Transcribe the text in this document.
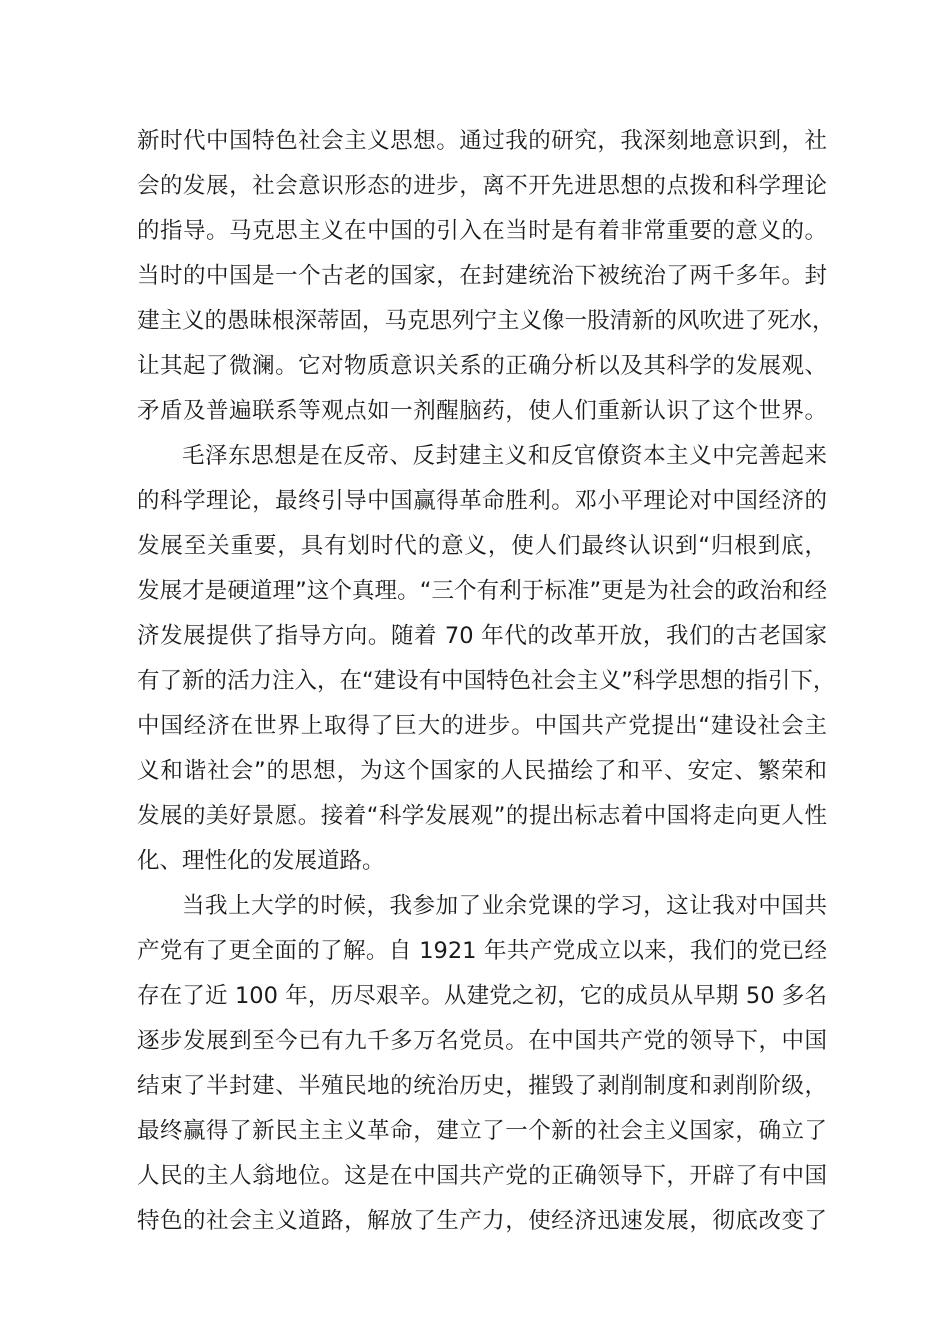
新时代中国特色社会主义思想。通过我的研究，我深刻地意识到，社
会的发展，社会意识形态的进步，离不开先进思想的点拨和科学理论
的指导。马克思主义在中国的引入在当时是有着非常重要的意义的。
当时的中国是一个古老的国家，在封建统治下被统治了两千多年。封
建主义的愚昧根深蒂固，马克思列宁主义像一股清新的风吹进了死水，
让其起了微澜。它对物质意识关系的正确分析以及其科学的发展观、
矛盾及普遍联系等观点如一剂醒脑药，使人们重新认识了这个世界。
毛泽东思想是在反帝、反封建主义和反官僚资本主义中完善起来
的科学理论，最终引导中国赢得革命胜利。邓小平理论对中国经济的
发展至关重要，具有划时代的意义，使人们最终认识到“归根到底，
发展才是硬道理”这个真理。“三个有利于标准”更是为社会的政治和经
济发展提供了指导方向。随着 70 年代的改革开放，我们的古老国家
有了新的活力注入，在“建设有中国特色社会主义”科学思想的指引下，
中国经济在世界上取得了巨大的进步。中国共产党提出“建设社会主
义和谐社会”的思想，为这个国家的人民描绘了和平、安定、繁荣和
发展的美好景愿。接着“科学发展观”的提出标志着中国将走向更人性
化、理性化的发展道路。
当我上大学的时候，我参加了业余党课的学习，这让我对中国共
产党有了更全面的了解。自 1921 年共产党成立以来，我们的党已经
存在了近 100 年，历尽艰辛。从建党之初，它的成员从早期 50 多名
逐步发展到至今已有九千多万名党员。在中国共产党的领导下，中国
结束了半封建、半殖民地的统治历史，摧毁了剥削制度和剥削阶级，
最终赢得了新民主主义革命，建立了一个新的社会主义国家，确立了
人民的主人翁地位。这是在中国共产党的正确领导下，开辟了有中国
特色的社会主义道路，解放了生产力，使经济迅速发展，彻底改变了
